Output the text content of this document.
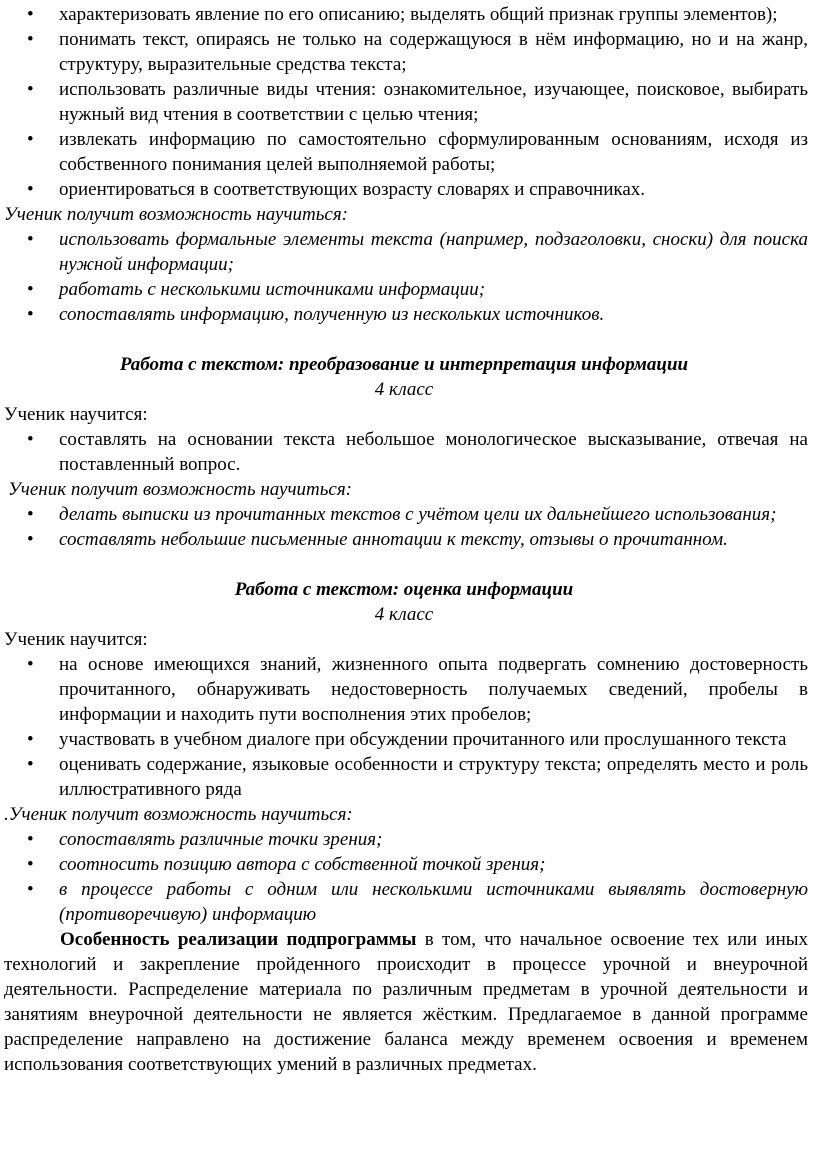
• характеризовать явление по его описанию; выделять общий признак группы элементов);
• понимать текст, опираясь не только на содержащуюся в нём информацию, но и на жанр, структуру, выразительные средства текста;
• использовать различные виды чтения: ознакомительное, изучающее, поисковое, выбирать нужный вид чтения в соответствии с целью чтения;
• извлекать информацию по самостоятельно сформулированным основаниям, исходя из собственного понимания целей выполняемой работы;
• ориентироваться в соответствующих возрасту словарях и справочниках.

Ученик получит возможность научиться:

• использовать формальные элементы текста (например, подзаголовки, сноски) для поиска нужной информации;
• работать с несколькими источниками информации;
• сопоставлять информацию, полученную из нескольких источников.

Работа с текстом: преобразование и интерпретация информации

4 класс

Ученик научится:

• составлять на основании текста небольшое монологическое высказывание, отвечая на поставленный вопрос.

Ученик получит возможность научиться:

• делать выписки из прочитанных текстов с учётом цели их дальнейшего использования;
• составлять небольшие письменные аннотации к тексту, отзывы о прочитанном.

Работа с текстом: оценка информации

4 класс

Ученик научится:

• на основе имеющихся знаний, жизненного опыта подвергать сомнению достоверность прочитанного, обнаруживать недостоверность получаемых сведений, пробелы в информации и находить пути восполнения этих пробелов;
• участвовать в учебном диалоге при обсуждении прочитанного или прослушанного текста
• оценивать содержание, языковые особенности и структуру текста; определять место и роль иллюстративного ряда

.Ученик получит возможность научиться:

• сопоставлять различные точки зрения;
• соотносить позицию автора с собственной точкой зрения;
• в процессе работы с одним или несколькими источниками выявлять достоверную (противоречивую) информацию

Особенность реализации подпрограммы в том, что начальное освоение тех или иных технологий и закрепление пройденного происходит в процессе урочной и внеурочной деятельности. Распределение материала по различным предметам в урочной деятельности и занятиям внеурочной деятельности не является жёстким. Предлагаемое в данной программе распределение направлено на достижение баланса между временем освоения и временем использования соответствующих умений в различных предметах.
